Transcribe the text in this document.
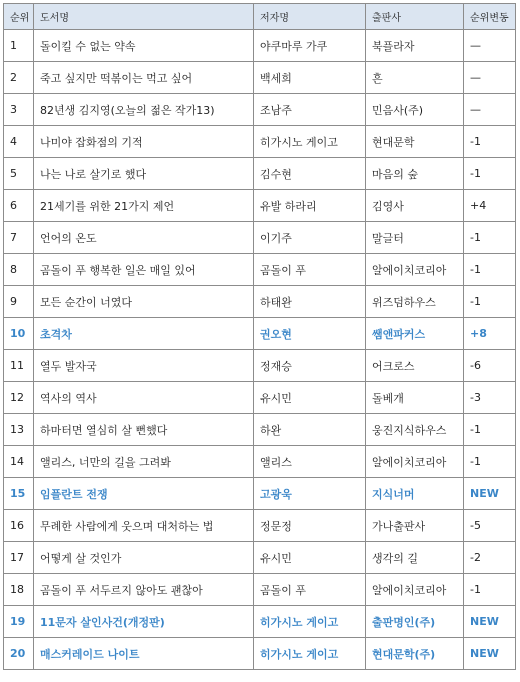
순위	도서명	저자명	출판사	순위변동
1	돌이킬 수 없는 약속	야쿠마루 가쿠	북플라자	—
2	죽고 싶지만 떡볶이는 먹고 싶어	백세희	흔	—
3	82년생 김지영(오늘의 젊은 작가13)	조남주	민음사(주)	—
4	나미야 잡화점의 기적	히가시노 게이고	현대문학	-1
5	나는 나로 살기로 했다	김수현	마음의 숲	-1
6	21세기를 위한 21가지 제언	유발 하라리	김영사	+4
7	언어의 온도	이기주	말글터	-1
8	곰돌이 푸 행복한 일은 매일 있어	곰돌이 푸	알에이치코리아	-1
9	모든 순간이 너였다	하태완	위즈덤하우스	-1
10	초격차	권오현	쌤앤파커스	+8
11	열두 발자국	정재승	어크로스	-6
12	역사의 역사	유시민	돌베개	-3
13	하마터면 열심히 살 뻔했다	하완	웅진지식하우스	-1
14	앨리스, 너만의 길을 그려봐	앨리스	알에이치코리아	-1
15	임플란트 전쟁	고광욱	지식너머	NEW
16	무례한 사람에게 웃으며 대처하는 법	정문정	가나출판사	-5
17	어떻게 살 것인가	유시민	생각의 길	-2
18	곰돌이 푸 서두르지 않아도 괜찮아	곰돌이 푸	알에이치코리아	-1
19	11문자 살인사건(개정판)	히가시노 게이고	출판명인(주)	NEW
20	매스커레이드 나이트	히가시노 게이고	현대문학(주)	NEW
